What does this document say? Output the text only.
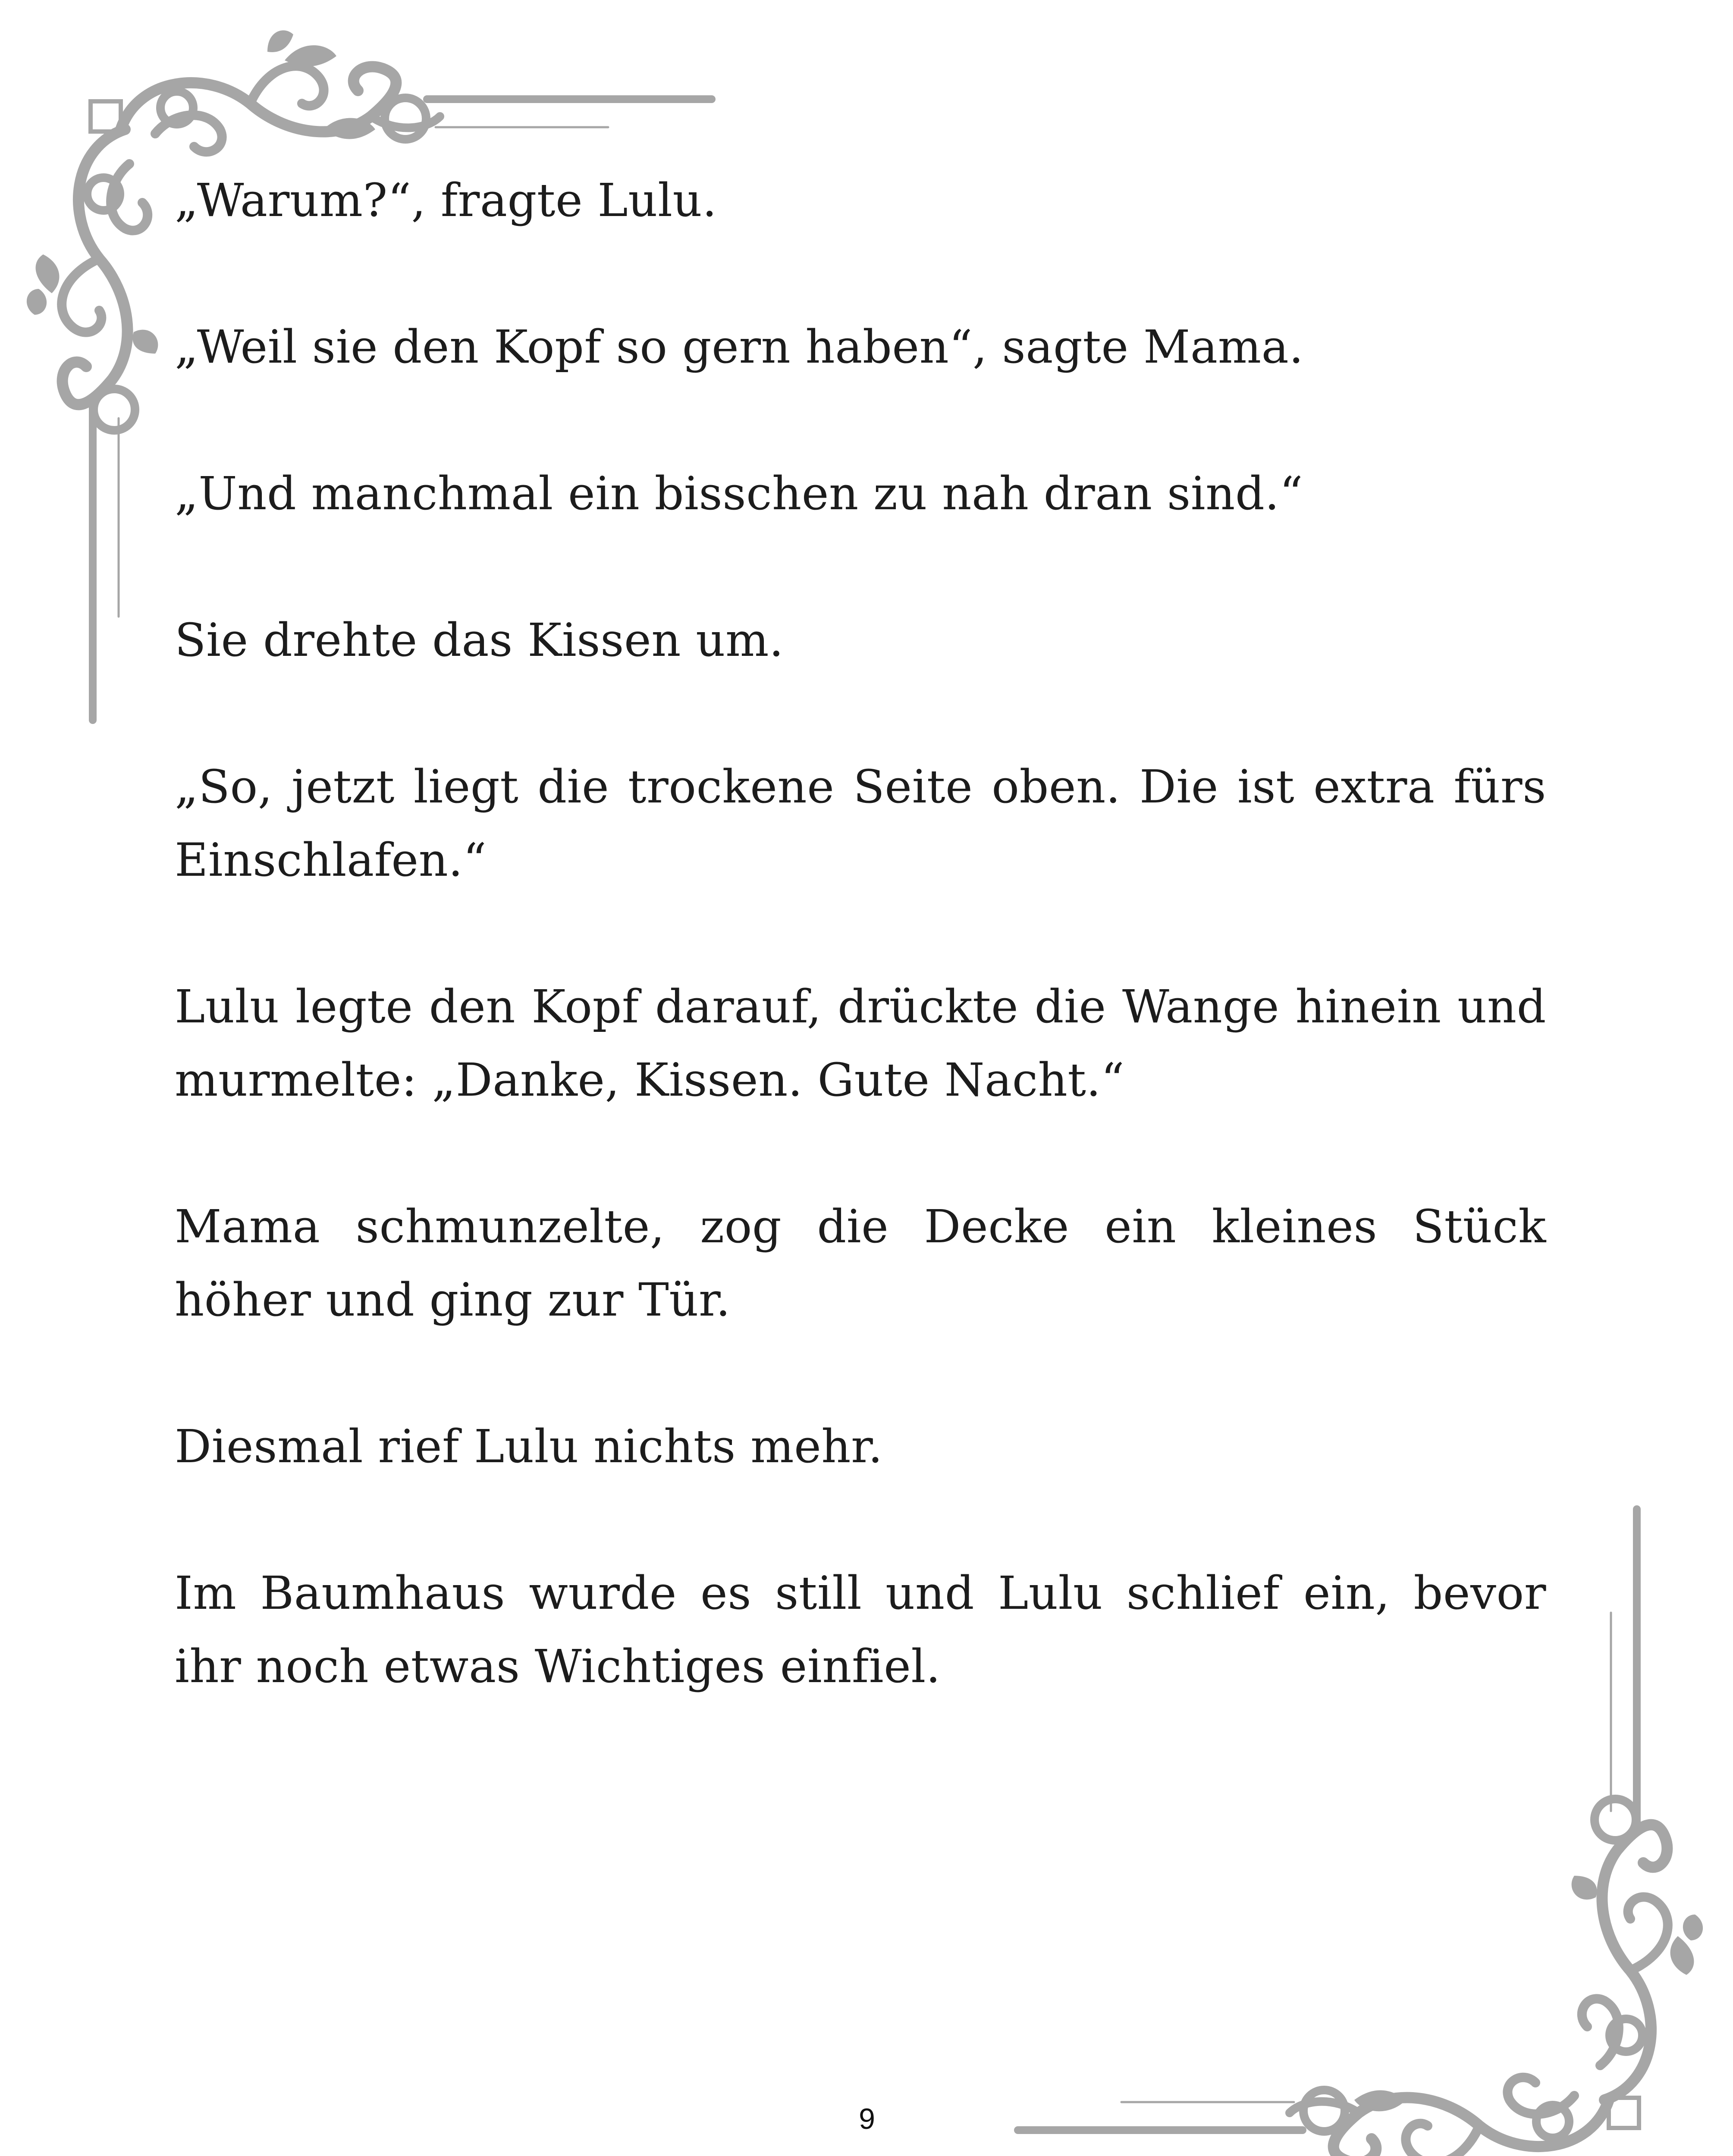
„Warum?“, fragte Lulu.

„Weil sie den Kopf so gern haben“, sagte Mama.

„Und manchmal ein bisschen zu nah dran sind.“

Sie drehte das Kissen um.

„So, jetzt liegt die trockene Seite oben. Die ist extra fürs Einschlafen.“

Lulu legte den Kopf darauf, drückte die Wange hinein und murmelte: „Danke, Kissen. Gute Nacht.“

Mama schmunzelte, zog die Decke ein kleines Stück höher und ging zur Tür.

Diesmal rief Lulu nichts mehr.

Im Baumhaus wurde es still und Lulu schlief ein, bevor ihr noch etwas Wichtiges einfiel.

9
